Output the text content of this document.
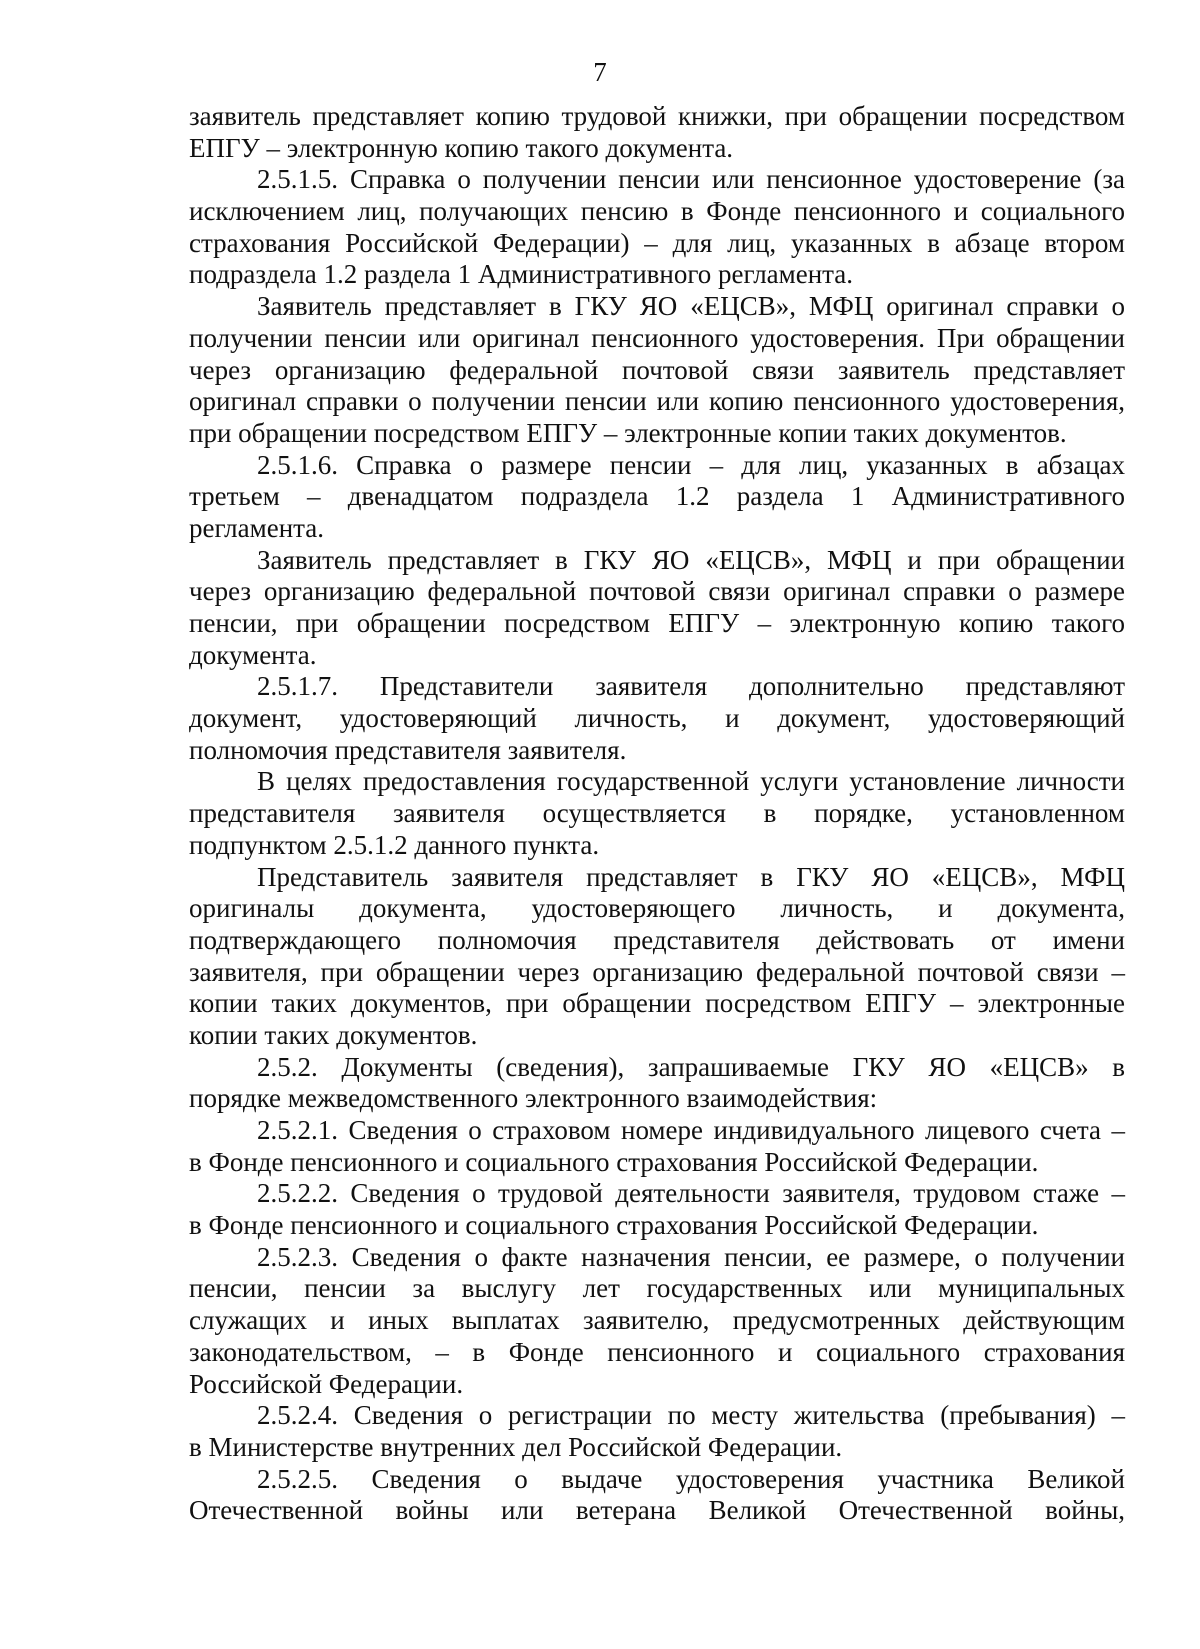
7
заявитель представляет копию трудовой книжки, при обращении посредством
ЕПГУ – электронную копию такого документа.
2.5.1.5. Справка о получении пенсии или пенсионное удостоверение (за
исключением лиц, получающих пенсию в Фонде пенсионного и социального
страхования Российской Федерации) – для лиц, указанных в абзаце втором
подраздела 1.2 раздела 1 Административного регламента.
Заявитель представляет в ГКУ ЯО «ЕЦСВ», МФЦ оригинал справки о
получении пенсии или оригинал пенсионного удостоверения. При обращении
через организацию федеральной почтовой связи заявитель представляет
оригинал справки о получении пенсии или копию пенсионного удостоверения,
при обращении посредством ЕПГУ – электронные копии таких документов.
2.5.1.6. Справка о размере пенсии – для лиц, указанных в абзацах
третьем – двенадцатом подраздела 1.2 раздела 1 Административного
регламента.
Заявитель представляет в ГКУ ЯО «ЕЦСВ», МФЦ и при обращении
через организацию федеральной почтовой связи оригинал справки о размере
пенсии, при обращении посредством ЕПГУ – электронную копию такого
документа.
2.5.1.7. Представители заявителя дополнительно представляют
документ, удостоверяющий личность, и документ, удостоверяющий
полномочия представителя заявителя.
В целях предоставления государственной услуги установление личности
представителя заявителя осуществляется в порядке, установленном
подпунктом 2.5.1.2 данного пункта.
Представитель заявителя представляет в ГКУ ЯО «ЕЦСВ», МФЦ
оригиналы документа, удостоверяющего личность, и документа,
подтверждающего полномочия представителя действовать от имени
заявителя, при обращении через организацию федеральной почтовой связи –
копии таких документов, при обращении посредством ЕПГУ – электронные
копии таких документов.
2.5.2. Документы (сведения), запрашиваемые ГКУ ЯО «ЕЦСВ» в
порядке межведомственного электронного взаимодействия:
2.5.2.1. Сведения о страховом номере индивидуального лицевого счета –
в Фонде пенсионного и социального страхования Российской Федерации.
2.5.2.2. Сведения о трудовой деятельности заявителя, трудовом стаже –
в Фонде пенсионного и социального страхования Российской Федерации.
2.5.2.3. Сведения о факте назначения пенсии, ее размере, о получении
пенсии, пенсии за выслугу лет государственных или муниципальных
служащих и иных выплатах заявителю, предусмотренных действующим
законодательством, – в Фонде пенсионного и социального страхования
Российской Федерации.
2.5.2.4. Сведения о регистрации по месту жительства (пребывания) –
в Министерстве внутренних дел Российской Федерации.
2.5.2.5. Сведения о выдаче удостоверения участника Великой
Отечественной войны или ветерана Великой Отечественной войны,
